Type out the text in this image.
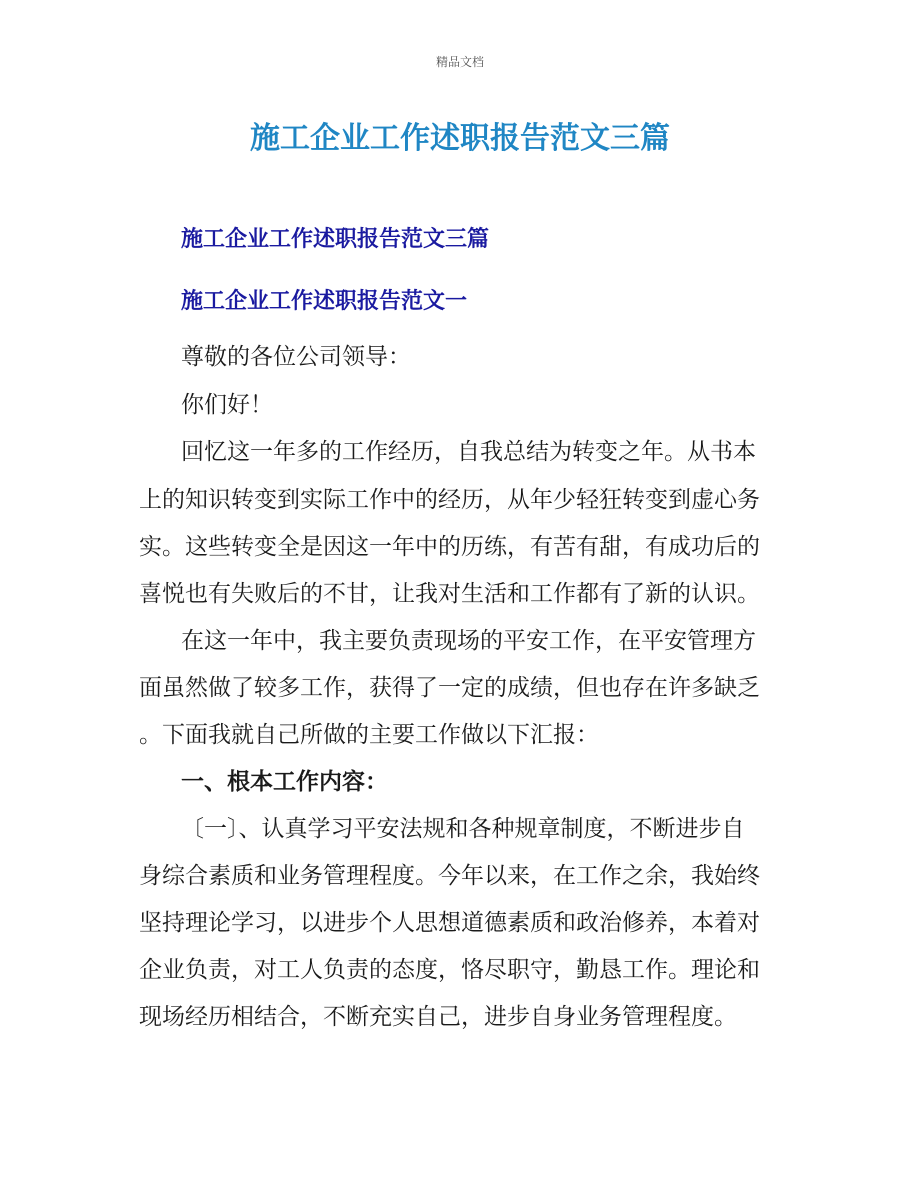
精品文档
施工企业工作述职报告范文三篇
施工企业工作述职报告范文三篇
施工企业工作述职报告范文一

尊敬的各位公司领导：

你们好！

回忆这一年多的工作经历，自我总结为转变之年。从书本

上的知识转变到实际工作中的经历，从年少轻狂转变到虚心务

实。这些转变全是因这一年中的历练，有苦有甜，有成功后的

喜悦也有失败后的不甘，让我对生活和工作都有了新的认识。

在这一年中，我主要负责现场的平安工作，在平安管理方

面虽然做了较多工作，获得了一定的成绩，但也存在许多缺乏

。下面我就自己所做的主要工作做以下汇报：

一、根本工作内容：

〔一〕、认真学习平安法规和各种规章制度，不断进步自

身综合素质和业务管理程度。今年以来，在工作之余，我始终

坚持理论学习，以进步个人思想道德素质和政治修养，本着对

企业负责，对工人负责的态度，恪尽职守，勤恳工作。理论和

现场经历相结合，不断充实自己，进步自身业务管理程度。
